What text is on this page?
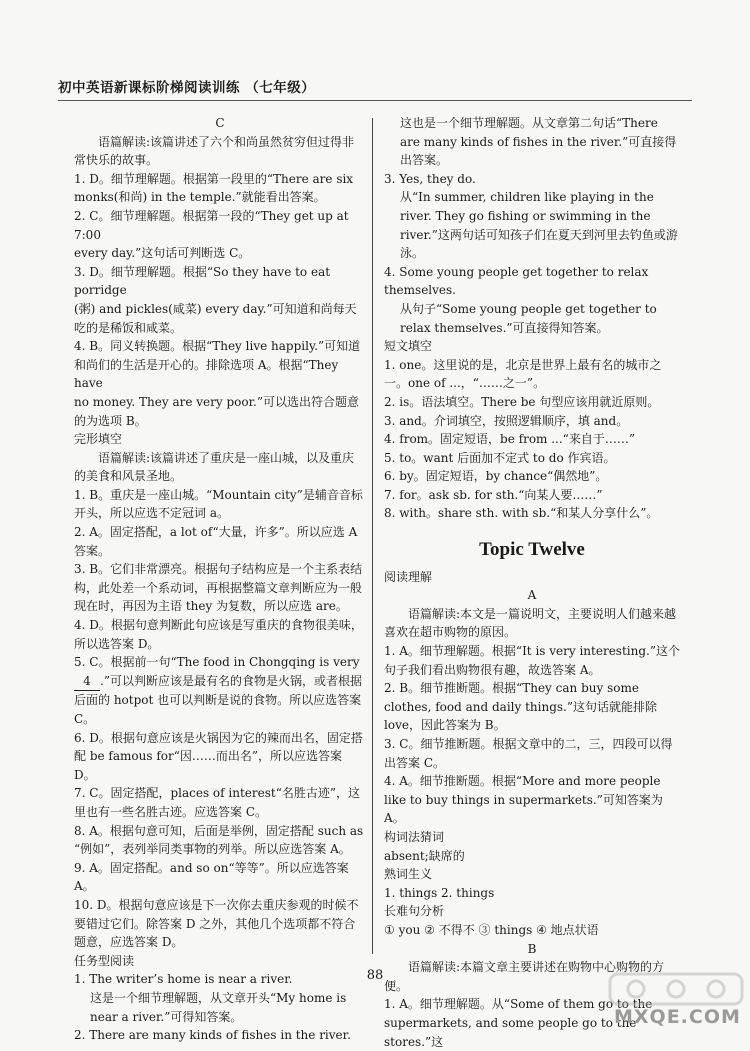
初中英语新课标阶梯阅读训练 （七年级）

C

语篇解读:该篇讲述了六个和尚虽然贫穷但过得非常快乐的故事。

1. D。细节理解题。根据第一段里的“There are six

monks(和尚) in the temple.”就能看出答案。

2. C。细节理解题。根据第一段的“They get up at 7:00

every day.”这句话可判断选 C。

3. D。细节理解题。根据“So they have to eat porridge

(粥) and pickles(咸菜) every day.”可知道和尚每天吃的是稀饭和咸菜。

4. B。同义转换题。根据“They live happily.”可知道和尚们的生活是开心的。排除选项 A。根据“They have

no money. They are very poor.”可以选出符合题意的为选项 B。

完形填空

语篇解读:该篇讲述了重庆是一座山城，以及重庆的美食和风景圣地。

1. B。重庆是一座山城。“Mountain city”是辅音音标开头，所以应选不定冠词 a。

2. A。固定搭配，a lot of“大量，许多”。所以应选 A 答案。

3. B。它们非常漂亮。根据句子结构应是一个主系表结构，此处差一个系动词，再根据整篇文章判断应为一般现在时，再因为主语 they 为复数，所以应选 are。

4. D。根据句意判断此句应该是写重庆的食物很美味，所以选答案 D。

5. C。根据前一句“The food in Chongqing is very
4 .”可以判断应该是最有名的食物是火锅，或者根据后面的 hotpot 也可以判断是说的食物。所以应选答案 C。

6. D。根据句意应该是火锅因为它的辣而出名，固定搭配 be famous for“因……而出名”，所以应选答案 D。

7. C。固定搭配，places of interest“名胜古迹”，这里也有一些名胜古迹。应选答案 C。

8. A。根据句意可知，后面是举例，固定搭配 such as “例如”，表列举同类事物的列举。所以应选答案 A。

9. A。固定搭配。and so on“等等”。所以应选答案 A。

10. D。根据句意应该是下一次你去重庆参观的时候不要错过它们。除答案 D 之外，其他几个选项都不符合题意，应选答案 D。

任务型阅读

1. The writer’s home is near a river.

这是一个细节理解题，从文章开头“My home is near a river.”可得知答案。

2. There are many kinds of fishes in the river.

这也是一个细节理解题。从文章第二句话“There are many kinds of fishes in the river.”可直接得出答案。

3. Yes, they do.

从“In summer, children like playing in the river. They go fishing or swimming in the river.”这两句话可知孩子们在夏天到河里去钓鱼或游泳。

4. Some young people get together to relax themselves.

从句子“Some young people get together to relax themselves.”可直接得知答案。

短文填空

1. one。这里说的是，北京是世界上最有名的城市之一。one of ...，“……之一”。

2. is。语法填空。There be 句型应该用就近原则。

3. and。介词填空，按照逻辑顺序，填 and。

4. from。固定短语，be from ...“来自于……”

5. to。want 后面加不定式 to do 作宾语。

6. by。固定短语，by chance“偶然地”。

7. for。ask sb. for sth.“向某人要……”

8. with。share sth. with sb.“和某人分享什么”。

Topic Twelve

阅读理解

A

语篇解读:本文是一篇说明文，主要说明人们越来越喜欢在超市购物的原因。

1. A。细节理解题。根据“It is very interesting.”这个句子我们看出购物很有趣，故选答案 A。

2. B。细节推断题。根据“They can buy some clothes, food and daily things.”这句话就能排除 love，因此答案为 B。

3. C。细节推断题。根据文章中的二，三，四段可以得出答案 C。

4. A。细节推断题。根据“More and more people like to buy things in supermarkets.”可知答案为 A。

构词法猜词

absent;缺席的

熟词生义

1. things 2. things

长难句分析

① you ② 不得不 ③ things ④ 地点状语

B

语篇解读:本篇文章主要讲述在购物中心购物的方便。

1. A。细节理解题。从“Some of them go to the supermarkets, and some people go to the stores.”这

88
MXQE.COM
